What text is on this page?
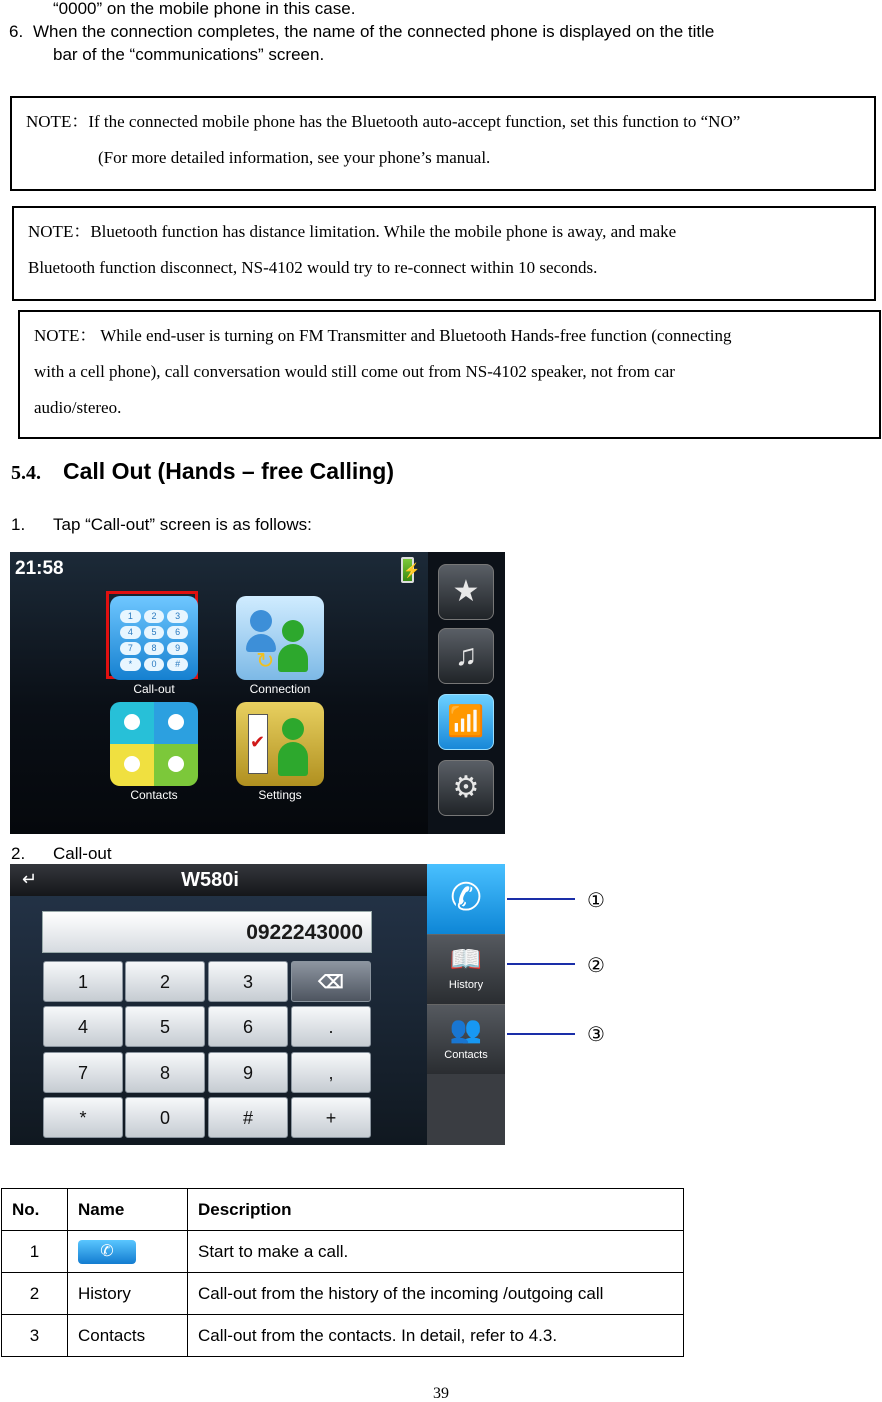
“0000” on the mobile phone in this case.
6. When the connection completes, the name of the connected phone is displayed on the title
bar of the “communications” screen.

NOTE：If the connected mobile phone has the Bluetooth auto-accept function, set this function to “NO”

(For more detailed information, see your phone’s manual.

NOTE：Bluetooth function has distance limitation. While the mobile phone is away, and make

Bluetooth function disconnect, NS-4102 would try to re-connect within 10 seconds.

NOTE： While end-user is turning on FM Transmitter and Bluetooth Hands-free function (connecting

with a cell phone), call conversation would still come out from NS-4102 speaker, not from car

audio/stereo.

5.4. Call Out (Hands – free Calling)
1. Tap “Call-out” screen is as follows:
21:58	⚡
1	2	3
4	5	6
7	8	9
*	0	#
Call-out
↻
Connection
Contacts
✔
Settings
★
♫
📶
⚙
2. Call-out
↵	W580i
0922243000
1	2	3	⌫
4	5	6	.
7	8	9	,
*	0	#	+
✆
📖
History
👥
Contacts
①
②
③
No.	Name	Description
1	✆	Start to make a call.
2	History	Call-out from the history of the incoming /outgoing call
3	Contacts	Call-out from the contacts. In detail, refer to 4.3.
39
